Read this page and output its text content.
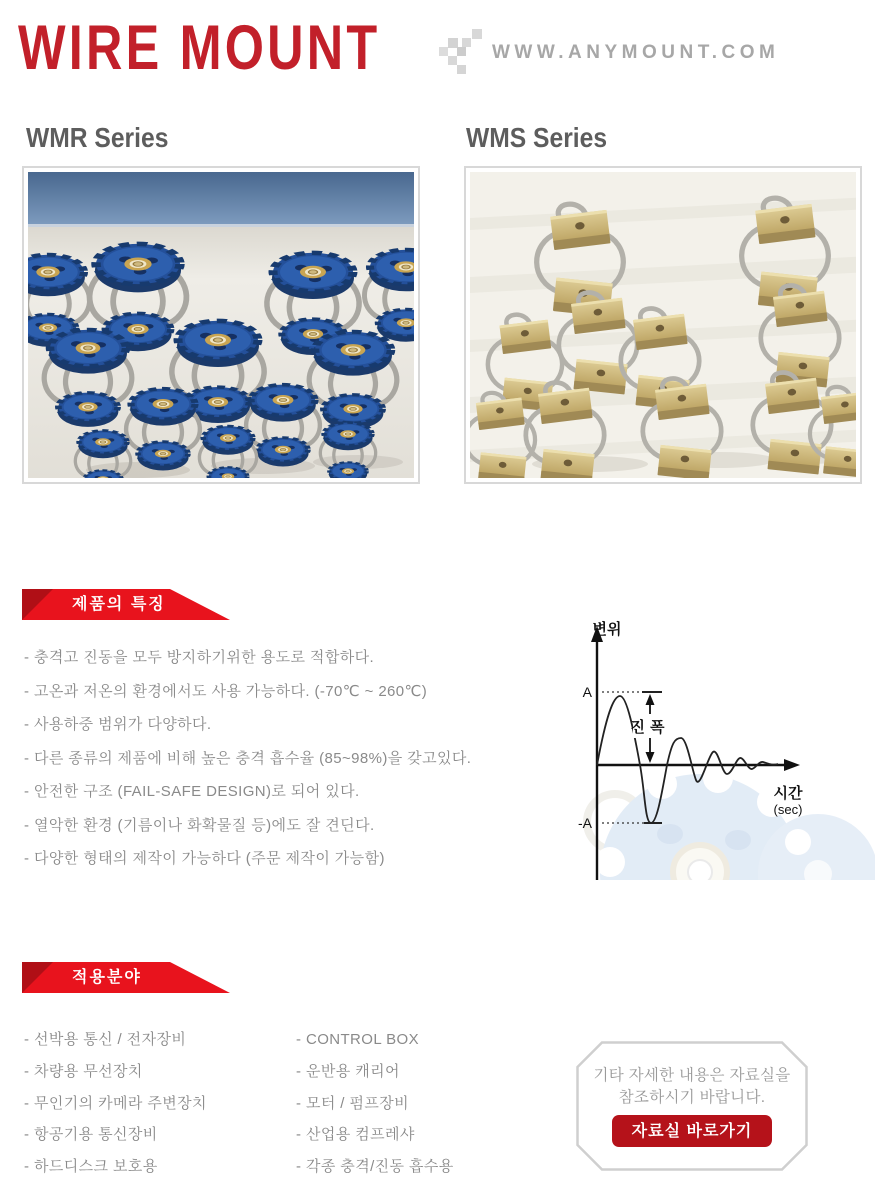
WIRE MOUNT	WWW.ANYMOUNT.COM
WMR Series	WMS Series
제품의 특징
- 충격고 진동을 모두 방지하기위한 용도로 적합하다.
- 고온과 저온의 환경에서도 사용 가능하다. (-70℃ ~ 260℃)
- 사용하중 범위가 다양하다.
- 다른 종류의 제품에 비해 높은 충격 흡수율 (85~98%)을 갖고있다.
- 안전한 구조 (FAIL-SAFE DESIGN)로 되어 있다.
- 열악한 환경 (기름이나 화확물질 등)에도 잘 견딘다.
- 다양한 형태의 제작이 가능하다 (주문 제작이 가능함)
변위
A
-A
진폭
시간
(sec)
적용분야
- 선박용 통신 / 전자장비
- 차량용 무선장치
- 무인기의 카메라 주변장치
- 항공기용 통신장비
- 하드디스크 보호용
- CONTROL BOX
- 운반용 캐리어
- 모터 / 펌프장비
- 산업용 컴프레샤
- 각종 충격/진동 흡수용
기타 자세한 내용은 자료실을
참조하시기 바랍니다.
자료실 바로가기
